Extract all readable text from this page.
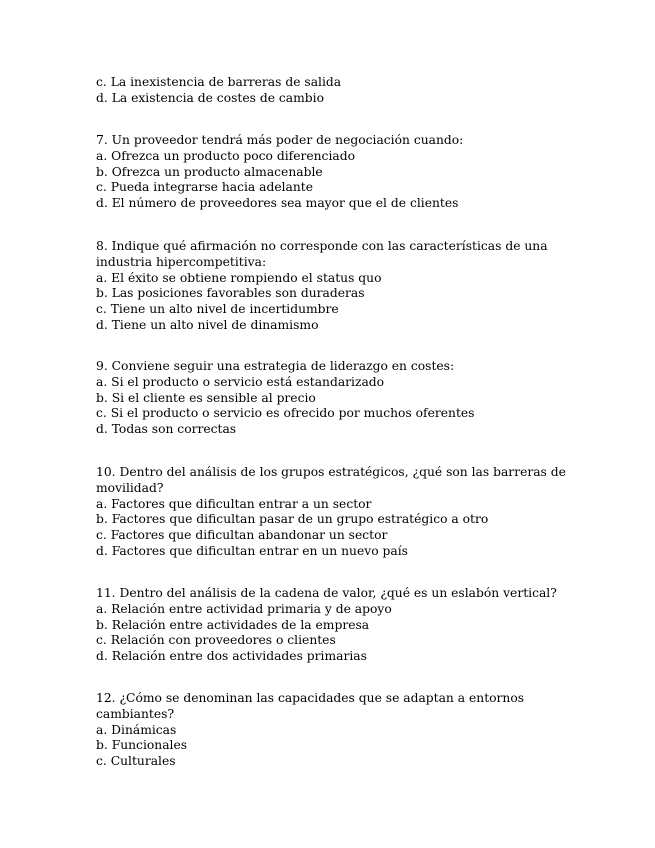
c. La inexistencia de barreras de salida
d. La existencia de costes de cambio
7. Un proveedor tendrá más poder de negociación cuando:
a. Ofrezca un producto poco diferenciado
b. Ofrezca un producto almacenable
c. Pueda integrarse hacia adelante
d. El número de proveedores sea mayor que el de clientes
8. Indique qué afirmación no corresponde con las características de una industria hipercompetitiva:
a. El éxito se obtiene rompiendo el status quo
b. Las posiciones favorables son duraderas
c. Tiene un alto nivel de incertidumbre
d. Tiene un alto nivel de dinamismo
9. Conviene seguir una estrategia de liderazgo en costes:
a. Si el producto o servicio está estandarizado
b. Si el cliente es sensible al precio
c. Si el producto o servicio es ofrecido por muchos oferentes
d. Todas son correctas
10. Dentro del análisis de los grupos estratégicos, ¿qué son las barreras de movilidad?
a. Factores que dificultan entrar a un sector
b. Factores que dificultan pasar de un grupo estratégico a otro
c. Factores que dificultan abandonar un sector
d. Factores que dificultan entrar en un nuevo país
11. Dentro del análisis de la cadena de valor, ¿qué es un eslabón vertical?
a. Relación entre actividad primaria y de apoyo
b. Relación entre actividades de la empresa
c. Relación con proveedores o clientes
d. Relación entre dos actividades primarias
12. ¿Cómo se denominan las capacidades que se adaptan a entornos cambiantes?
a. Dinámicas
b. Funcionales
c. Culturales
